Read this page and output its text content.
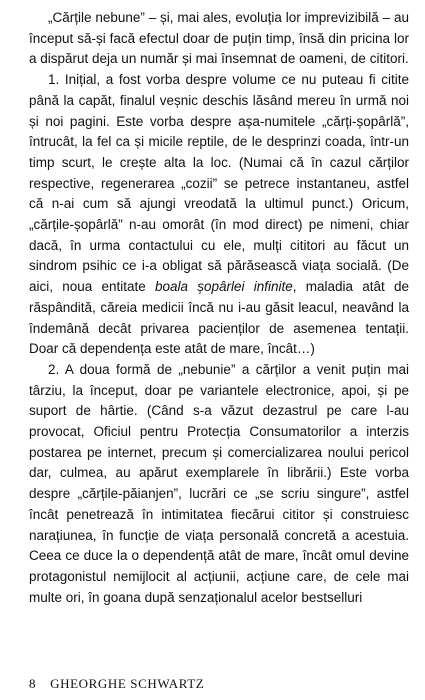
„Cărțile nebune” – și, mai ales, evoluția lor imprevizibilă – au început să-și facă efectul doar de puțin timp, însă din pricina lor a dispărut deja un număr și mai însemnat de oameni, de cititori.

1. Inițial, a fost vorba despre volume ce nu puteau fi citite până la capăt, finalul veșnic deschis lăsând mereu în urmă noi și noi pagini. Este vorba despre așa-numitele „cărți-șopârlă”, întrucât, la fel ca și micile reptile, de le desprinzi coada, într-un timp scurt, le crește alta la loc. (Numai că în cazul cărților respective, regenerarea „cozii” se petrece instantaneu, astfel că n-ai cum să ajungi vreodată la ultimul punct.) Oricum, „cărțile-șopârlă” n-au omorât (în mod direct) pe nimeni, chiar dacă, în urma contactului cu ele, mulți cititori au făcut un sindrom psihic ce i-a obligat să părăsească viața socială. (De aici, noua entitate boala șopârlei infinite, maladia atât de răspândită, căreia medicii încă nu i-au găsit leacul, neavând la îndemână decât privarea pacienților de asemenea tentații. Doar că dependența este atât de mare, încât…)

2. A doua formă de „nebunie” a cărților a venit puțin mai târziu, la început, doar pe variantele electronice, apoi, și pe suport de hârtie. (Când s-a văzut dezastrul pe care l-au provocat, Oficiul pentru Protecția Consumatorilor a interzis postarea pe internet, precum și comercializarea noului pericol dar, culmea, au apărut exemplarele în librării.) Este vorba despre „cărțile-păianjen”, lucrări ce „se scriu singure”, astfel încât penetrează în intimitatea fiecărui cititor și construiesc narațiunea, în funcție de viața personală concretă a acestuia. Ceea ce duce la o dependență atât de mare, încât omul devine protagonistul nemijlocit al acțiunii, acțiune care, de cele mai multe ori, în goana după senzaționalul acelor bestselluri

8 GHEORGHE SCHWARTZ
